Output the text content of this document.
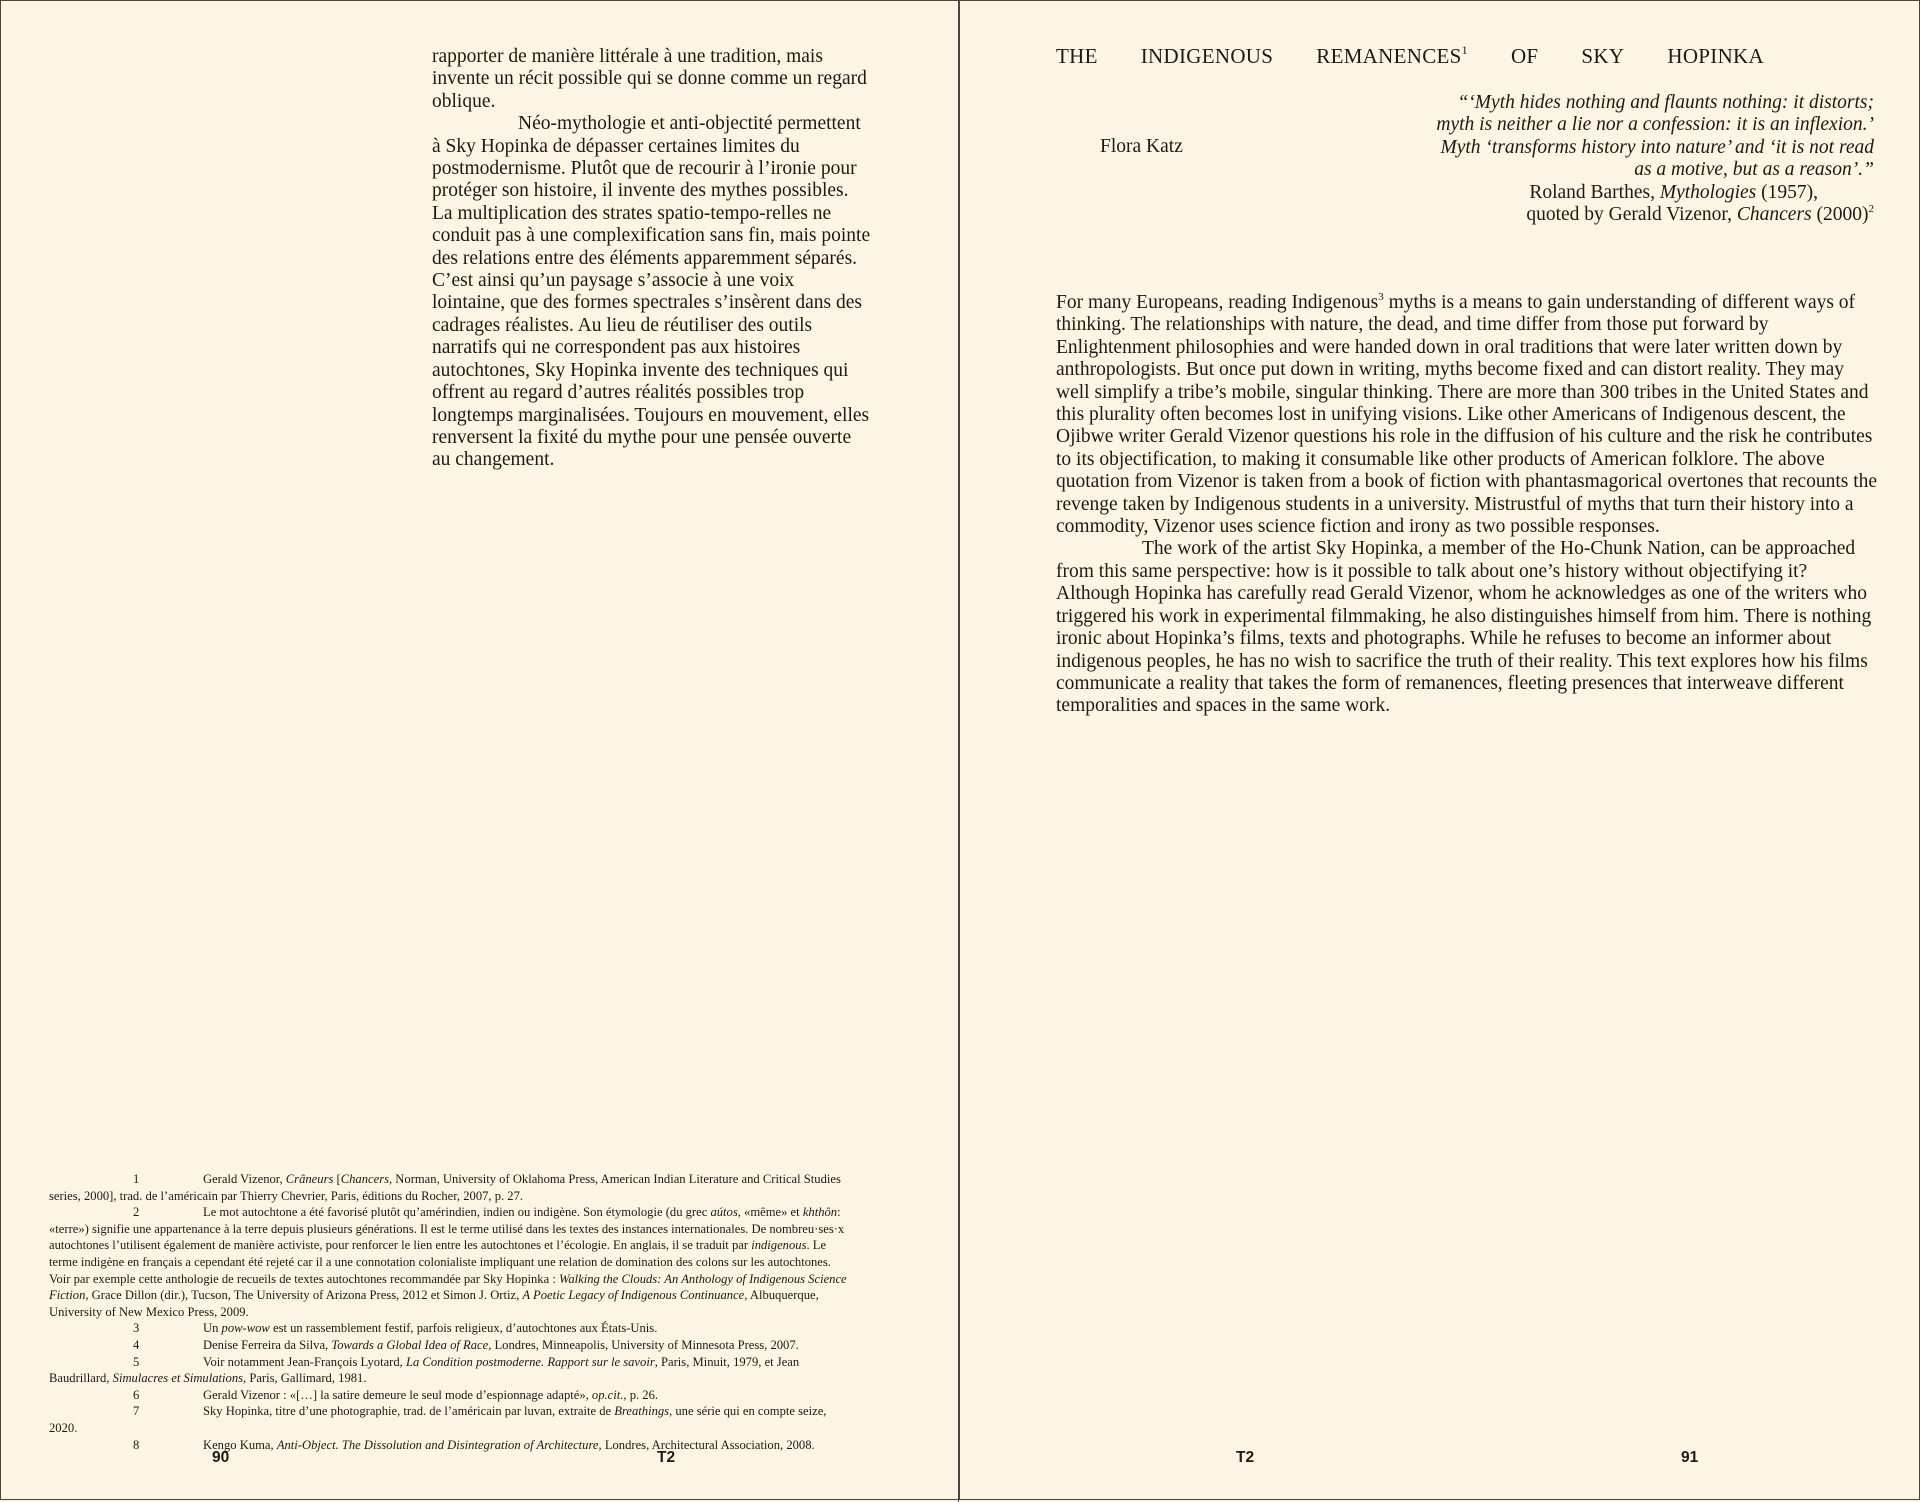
rapporter de manière littérale à une tradition, mais invente un récit possible qui se donne comme un regard oblique.

Néo-mythologie et anti-objectité permettent à Sky Hopinka de dépasser certaines limites du postmodernisme. Plutôt que de recourir à l’ironie pour protéger son histoire, il invente des mythes possibles. La multiplication des strates spatio-tempo-relles ne conduit pas à une complexification sans fin, mais pointe des relations entre des éléments apparemment séparés. C’est ainsi qu’un paysage s’associe à une voix lointaine, que des formes spectrales s’insèrent dans des cadrages réalistes. Au lieu de réutiliser des outils narratifs qui ne correspondent pas aux histoires autochtones, Sky Hopinka invente des techniques qui offrent au regard d’autres réalités possibles trop longtemps marginalisées. Toujours en mouvement, elles renversent la fixité du mythe pour une pensée ouverte au changement.

1	Gerald Vizenor, Crâneurs [Chancers, Norman, University of Oklahoma Press, American Indian Literature and Critical Studies series, 2000], trad. de l’américain par Thierry Chevrier, Paris, éditions du Rocher, 2007, p. 27.

2	Le mot autochtone a été favorisé plutôt qu’amérindien, indien ou indigène. Son étymologie (du grec aútos, «même» et khthôn: «terre») signifie une appartenance à la terre depuis plusieurs générations. Il est le terme utilisé dans les textes des instances internationales. De nombreu·ses·x autochtones l’utilisent également de manière activiste, pour renforcer le lien entre les autochtones et l’écologie. En anglais, il se traduit par indigenous. Le terme indigène en français a cependant été rejeté car il a une connotation colonialiste impliquant une relation de domination des colons sur les autochtones. Voir par exemple cette anthologie de recueils de textes autochtones recommandée par Sky Hopinka : Walking the Clouds: An Anthology of Indigenous Science Fiction, Grace Dillon (dir.), Tucson, The University of Arizona Press, 2012 et Simon J. Ortiz, A Poetic Legacy of Indigenous Continuance, Albuquerque, University of New Mexico Press, 2009.

3	Un pow-wow est un rassemblement festif, parfois religieux, d’autochtones aux États-Unis.

4	Denise Ferreira da Silva, Towards a Global Idea of Race, Londres, Minneapolis, University of Minnesota Press, 2007.

5	Voir notamment Jean-François Lyotard, La Condition postmoderne. Rapport sur le savoir, Paris, Minuit, 1979, et Jean Baudrillard, Simulacres et Simulations, Paris, Gallimard, 1981.

6	Gerald Vizenor : «[…] la satire demeure le seul mode d’espionnage adapté», op.cit., p. 26.

7	Sky Hopinka, titre d’une photographie, trad. de l’américain par luvan, extraite de Breathings, une série qui en compte seize, 2020.

8	Kengo Kuma, Anti-Object. The Dissolution and Disintegration of Architecture, Londres, Architectural Association, 2008.

90	T2
THE INDIGENOUS REMANENCES$^1$ OF SKY HOPINKA
Flora Katz

“‘Myth hides nothing and flaunts nothing: it distorts;

myth is neither a lie nor a confession: it is an inflexion.’

Myth ‘transforms history into nature’ and ‘it is not read

as a motive, but as a reason’.”

Roland Barthes, Mythologies (1957),

quoted by Gerald Vizenor, Chancers $(2000)^2$

For many Europeans, reading Indigenous$^3$ myths is a means to gain understanding of different ways of thinking. The relationships with nature, the dead, and time differ from those put forward by Enlightenment philosophies and were handed down in oral traditions that were later written down by anthropologists. But once put down in writing, myths become fixed and can distort reality. They may well simplify a tribe’s mobile, singular thinking. There are more than 300 tribes in the United States and this plurality often becomes lost in unifying visions. Like other Americans of Indigenous descent, the Ojibwe writer Gerald Vizenor questions his role in the diffusion of his culture and the risk he contributes to its objectification, to making it consumable like other products of American folklore. The above quotation from Vizenor is taken from a book of fiction with phantasmagorical overtones that recounts the revenge taken by Indigenous students in a university. Mistrustful of myths that turn their history into a commodity, Vizenor uses science fiction and irony as two possible responses.

The work of the artist Sky Hopinka, a member of the Ho-Chunk Nation, can be approached from this same perspective: how is it possible to talk about one’s history without objectifying it? Although Hopinka has carefully read Gerald Vizenor, whom he acknowledges as one of the writers who triggered his work in experimental filmmaking, he also distinguishes himself from him. There is nothing ironic about Hopinka’s films, texts and photographs. While he refuses to become an informer about indigenous peoples, he has no wish to sacrifice the truth of their reality. This text explores how his films communicate a reality that takes the form of remanences, fleeting presences that interweave different temporalities and spaces in the same work.

T2	91
